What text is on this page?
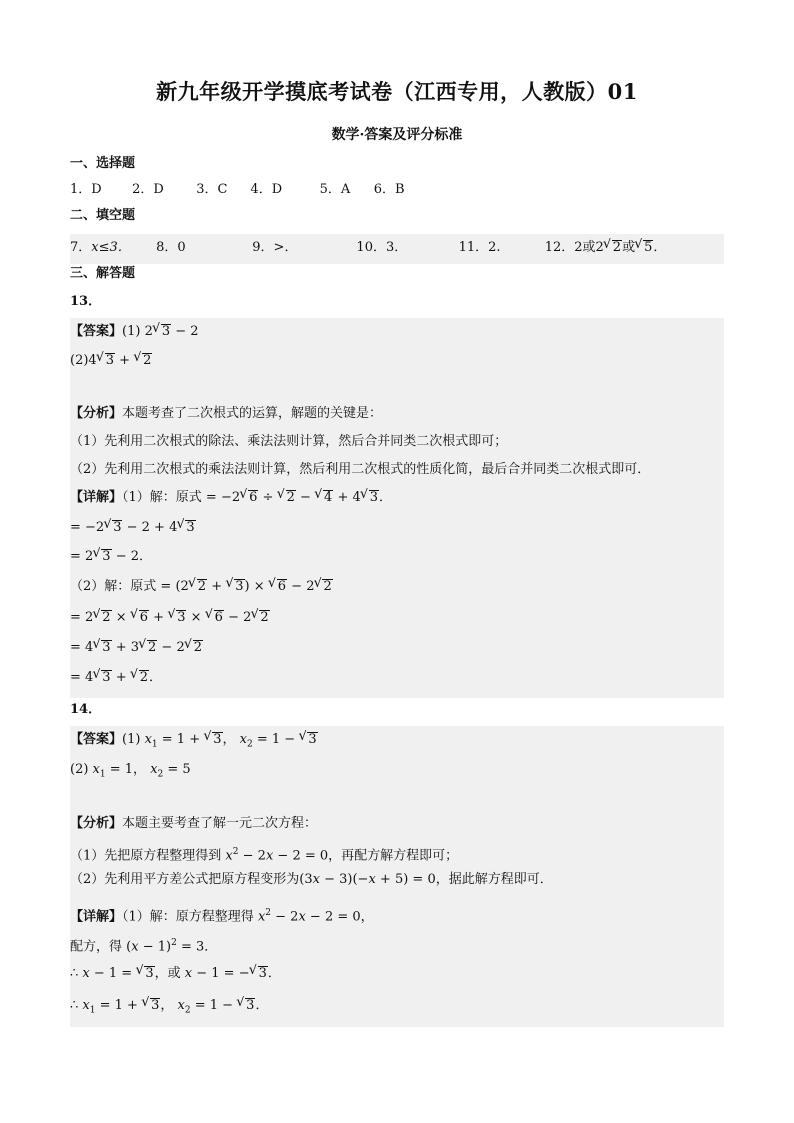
新九年级开学摸底考试卷（江西专用，人教版）01
数学·答案及评分标准
一、选择题
1．D 2．D 3．C 4．D	5．A 6．B
二、填空题
7．x≤3． 8．0	9．>．	10．3．	11．2.	12．2或2 √ 2或 √ 5．
三、解答题
13．
【答案】(1) 2 √ 3 − 2
(2)4 √ 3 + √ 2
【分析】本题考查了二次根式的运算，解题的关键是：
（1）先利用二次根式的除法、乘法法则计算，然后合并同类二次根式即可；
（2）先利用二次根式的乘法法则计算，然后利用二次根式的性质化简，最后合并同类二次根式即可．
【详解】（1）解：原式 = −2 √ 6 ÷ √ 2 − √ 4 + 4 √ 3．
= −2 √ 3 − 2 + 4 √ 3
= 2 √ 3 − 2．
（2）解：原式 = (2 √ 2 + √ 3) × √ 6 − 2 √ 2
= 2 √ 2 × √ 6 + √ 3 × √ 6 − 2 √ 2
= 4 √ 3 + 3 √ 2 − 2 √ 2
= 4 √ 3 + √ 2．
14．
【答案】(1) $x_1 = 1$ + √ 3， $x_2 = 1$ − √ 3
(2) $x_1 = 1$， $x_2 = 5$
【分析】本题主要考查了解一元二次方程：
（1）先把原方程整理得到 $x^2 - 2x - 2 = 0$，再配方解方程即可；
（2）先利用平方差公式把原方程变形为(3x − 3)(−x + 5) = 0，据此解方程即可．
【详解】（1）解：原方程整理得 $x^2 - 2x - 2 = 0$，
配方，得 $(x - 1)^2 = 3$．
∴ x − 1 = √ 3，或 x − 1 = − √ 3．
∴ $x_1 = 1$ + √ 3， $x_2 = 1$ − √ 3．
